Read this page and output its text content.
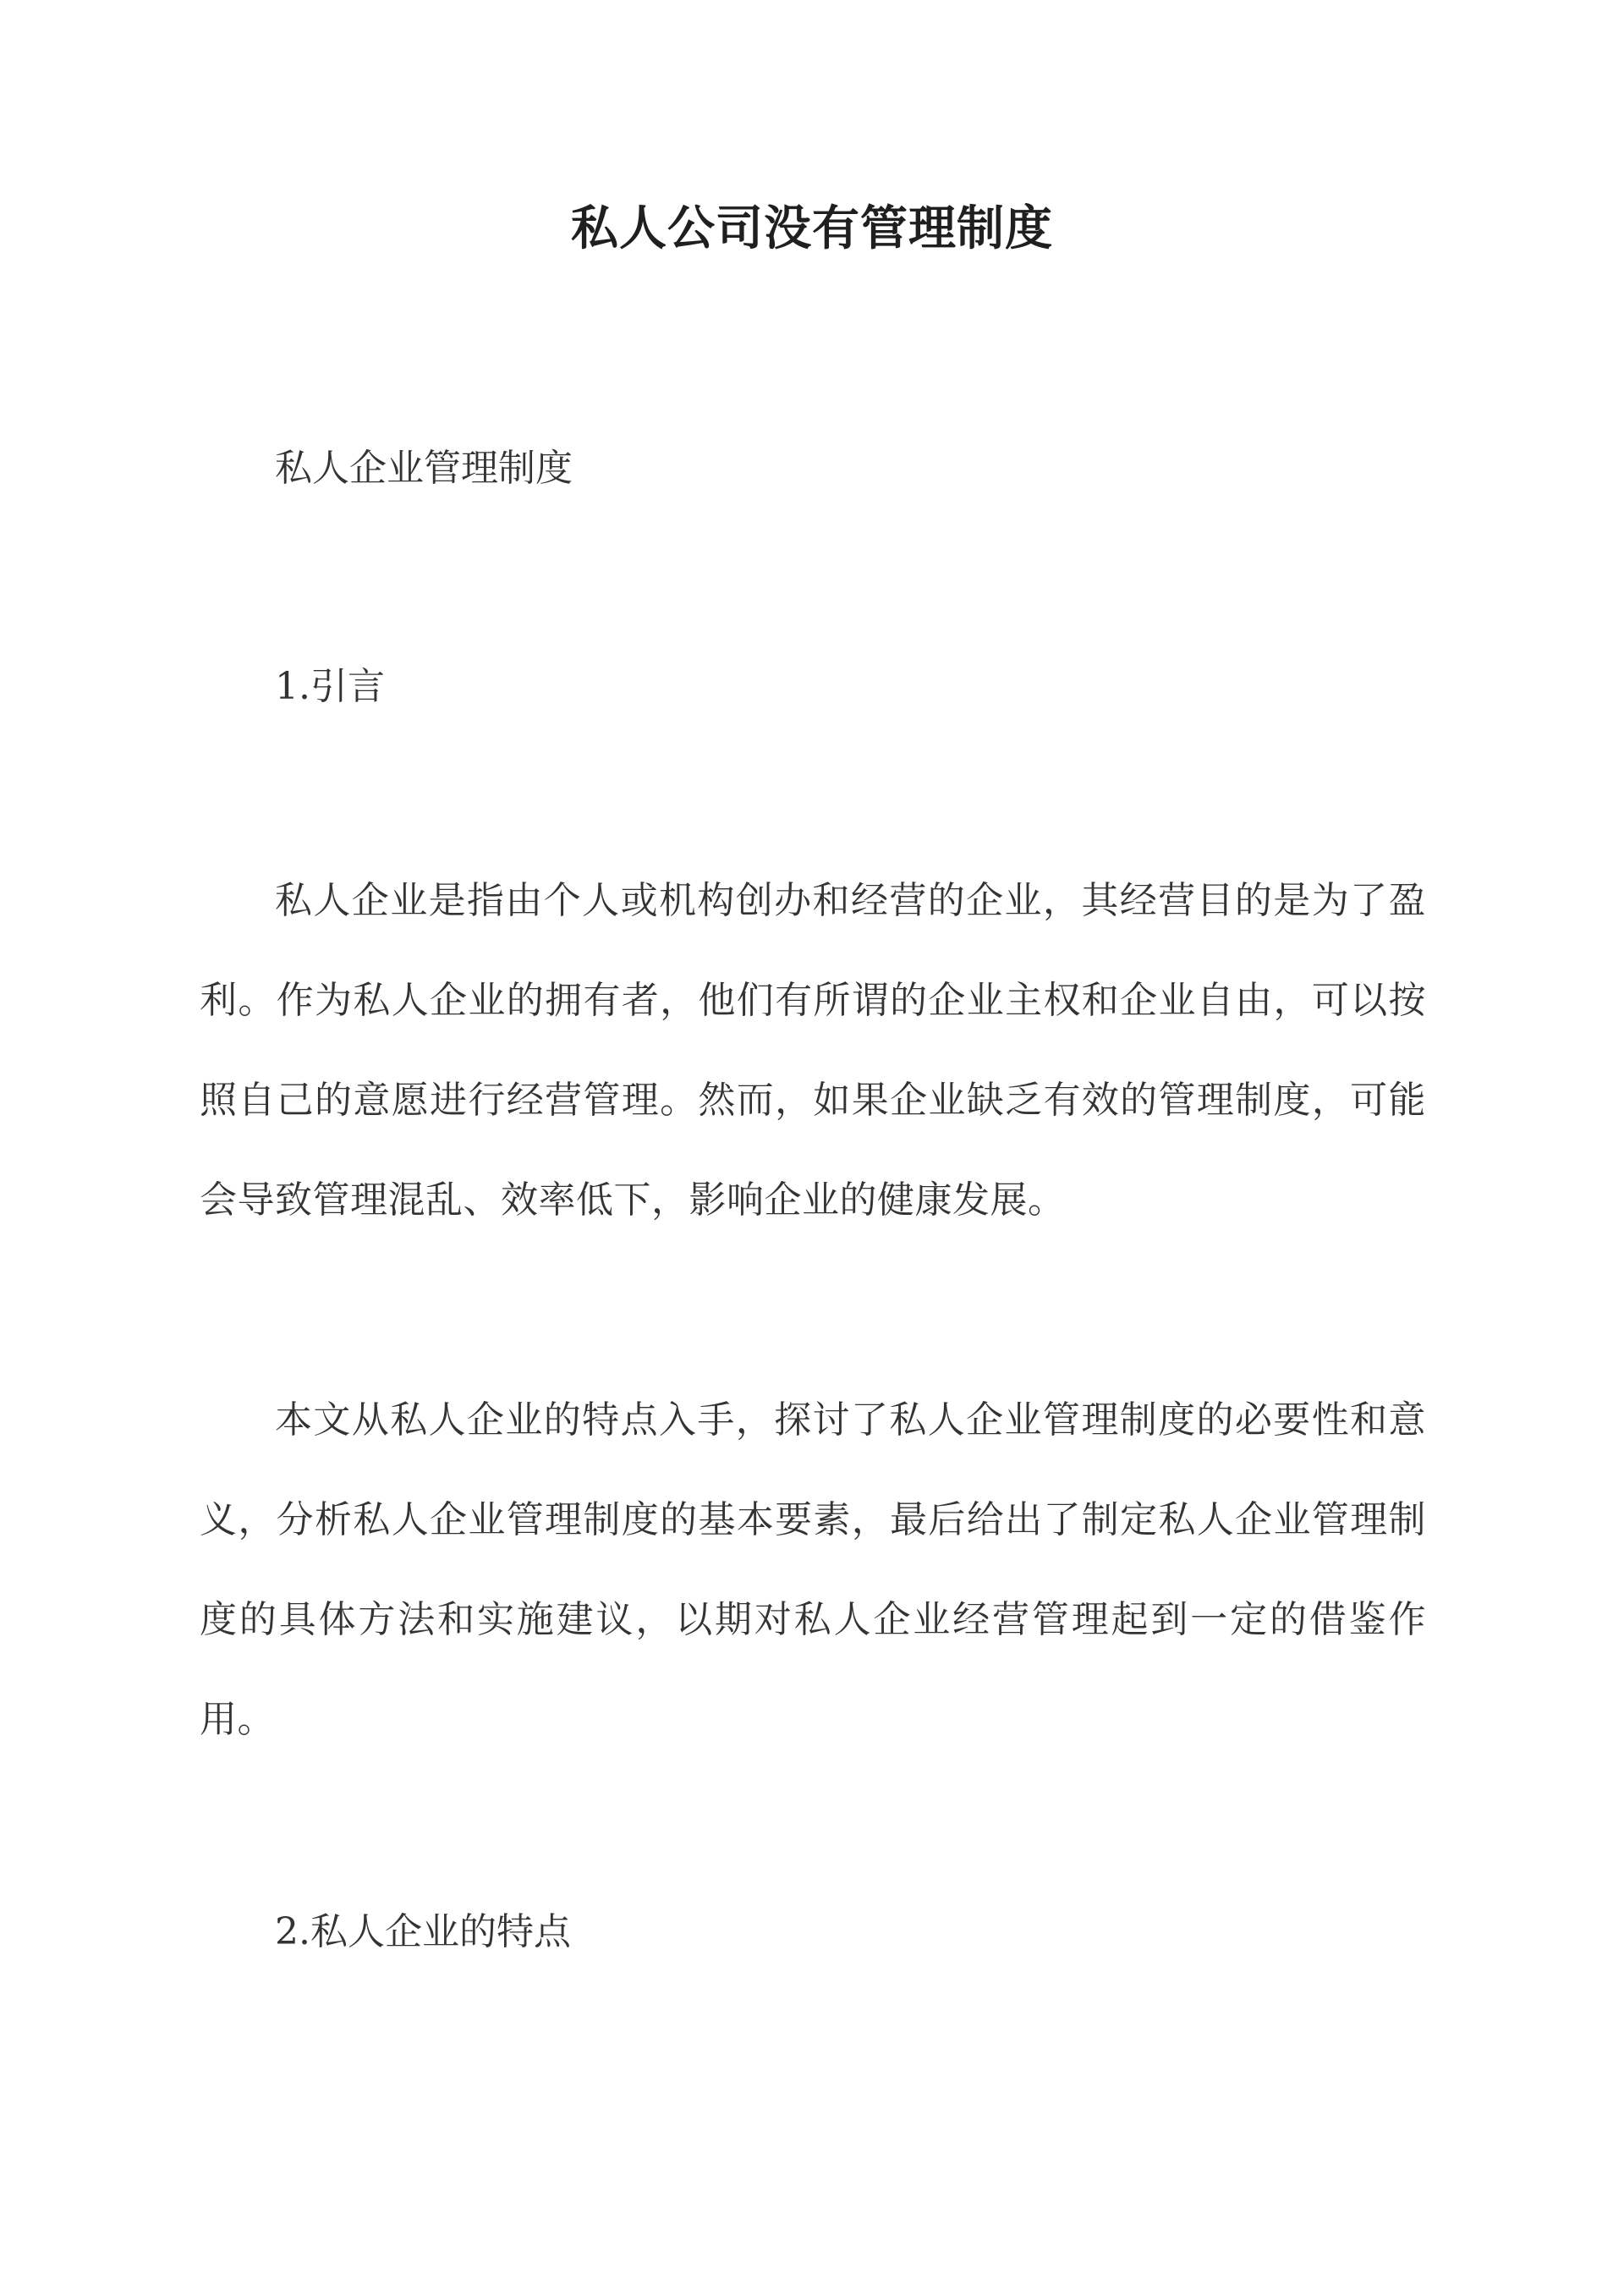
私人公司没有管理制度
私人企业管理制度
1.引言
私人企业是指由个人或机构创办和经营的企业，其经营目的是为了盈利。作为私人企业的拥有者，他们有所谓的企业主权和企业自由，可以按照自己的意愿进行经营管理。然而，如果企业缺乏有效的管理制度，可能会导致管理混乱、效率低下，影响企业的健康发展。
本文从私人企业的特点入手，探讨了私人企业管理制度的必要性和意义，分析私人企业管理制度的基本要素，最后给出了制定私人企业管理制度的具体方法和实施建议，以期对私人企业经营管理起到一定的借鉴作用。
2.私人企业的特点
